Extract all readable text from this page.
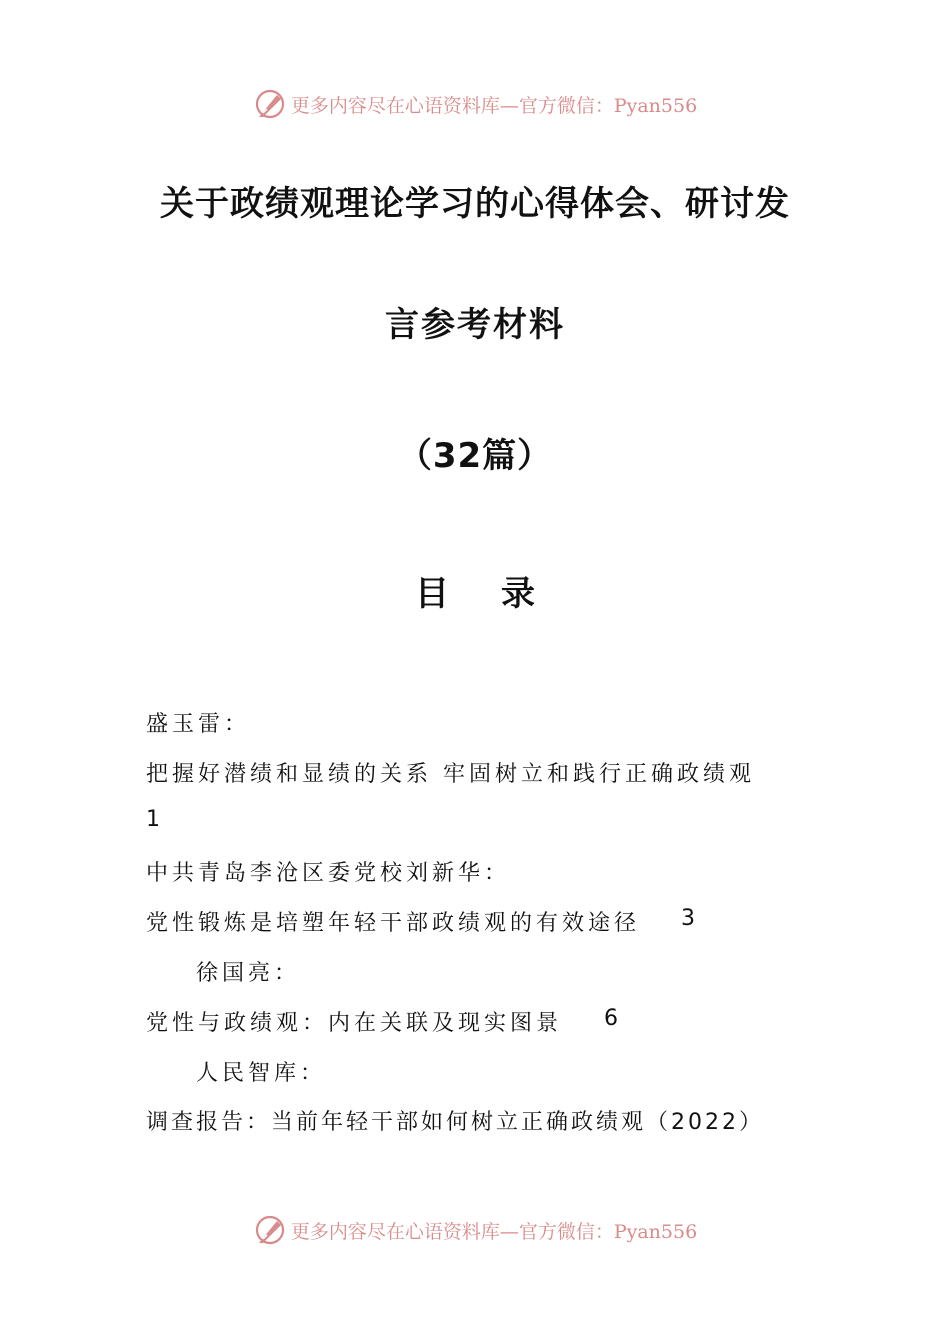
更多内容尽在心语资料库—官方微信：Pyan556
关于政绩观理论学习的心得体会、研讨发
言参考材料
（32篇）
目 录
盛玉雷：
把握好潜绩和显绩的关系 牢固树立和践行正确政绩观
1
中共青岛李沧区委党校刘新华：
党性锻炼是培塑年轻干部政绩观的有效途径 3
徐国亮：
党性与政绩观：内在关联及现实图景 6
人民智库：
调查报告：当前年轻干部如何树立正确政绩观（2022）
更多内容尽在心语资料库—官方微信：Pyan556
